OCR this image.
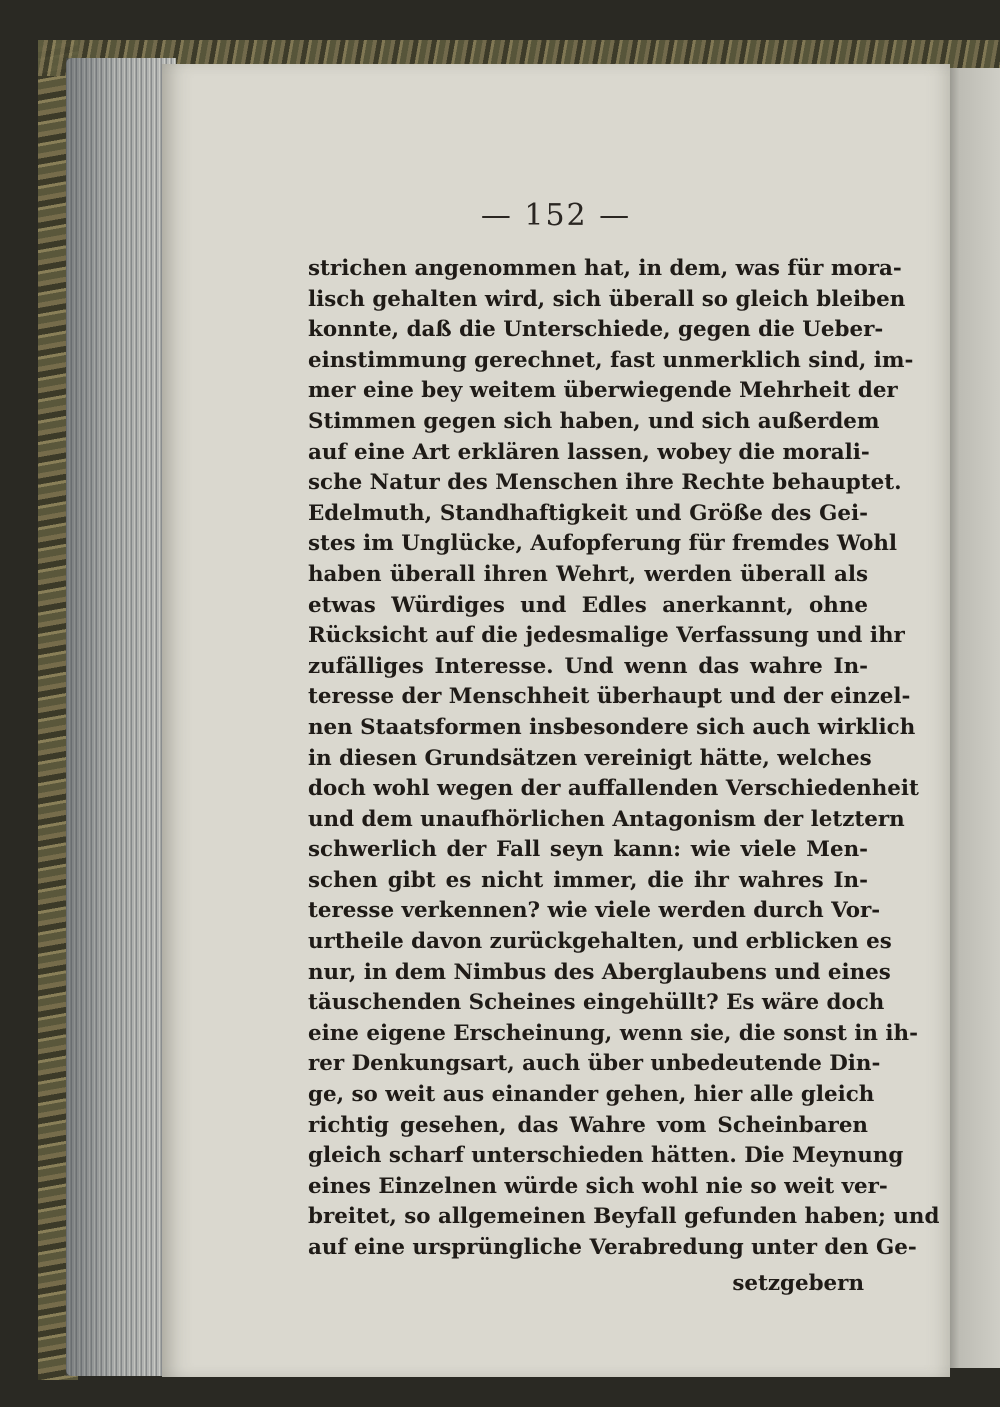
— 152 —
strichen angenommen hat, in dem, was für mora-
lisch gehalten wird, sich überall so gleich bleiben
konnte, daß die Unterschiede, gegen die Ueber-
einstimmung gerechnet, fast unmerklich sind, im-
mer eine bey weitem überwiegende Mehrheit der
Stimmen gegen sich haben, und sich außerdem
auf eine Art erklären lassen, wobey die morali-
sche Natur des Menschen ihre Rechte behauptet.
Edelmuth, Standhaftigkeit und Größe des Gei-
stes im Unglücke, Aufopferung für fremdes Wohl
haben überall ihren Wehrt, werden überall als
etwas Würdiges und Edles anerkannt, ohne
Rücksicht auf die jedesmalige Verfassung und ihr
zufälliges Interesse. Und wenn das wahre In-
teresse der Menschheit überhaupt und der einzel-
nen Staatsformen insbesondere sich auch wirklich
in diesen Grundsätzen vereinigt hätte, welches
doch wohl wegen der auffallenden Verschiedenheit
und dem unaufhörlichen Antagonism der letztern
schwerlich der Fall seyn kann: wie viele Men-
schen gibt es nicht immer, die ihr wahres In-
teresse verkennen? wie viele werden durch Vor-
urtheile davon zurückgehalten, und erblicken es
nur, in dem Nimbus des Aberglaubens und eines
täuschenden Scheines eingehüllt? Es wäre doch
eine eigene Erscheinung, wenn sie, die sonst in ih-
rer Denkungsart, auch über unbedeutende Din-
ge, so weit aus einander gehen, hier alle gleich
richtig gesehen, das Wahre vom Scheinbaren
gleich scharf unterschieden hätten. Die Meynung
eines Einzelnen würde sich wohl nie so weit ver-
breitet, so allgemeinen Beyfall gefunden haben; und
auf eine ursprüngliche Verabredung unter den Ge-
setzgebern
